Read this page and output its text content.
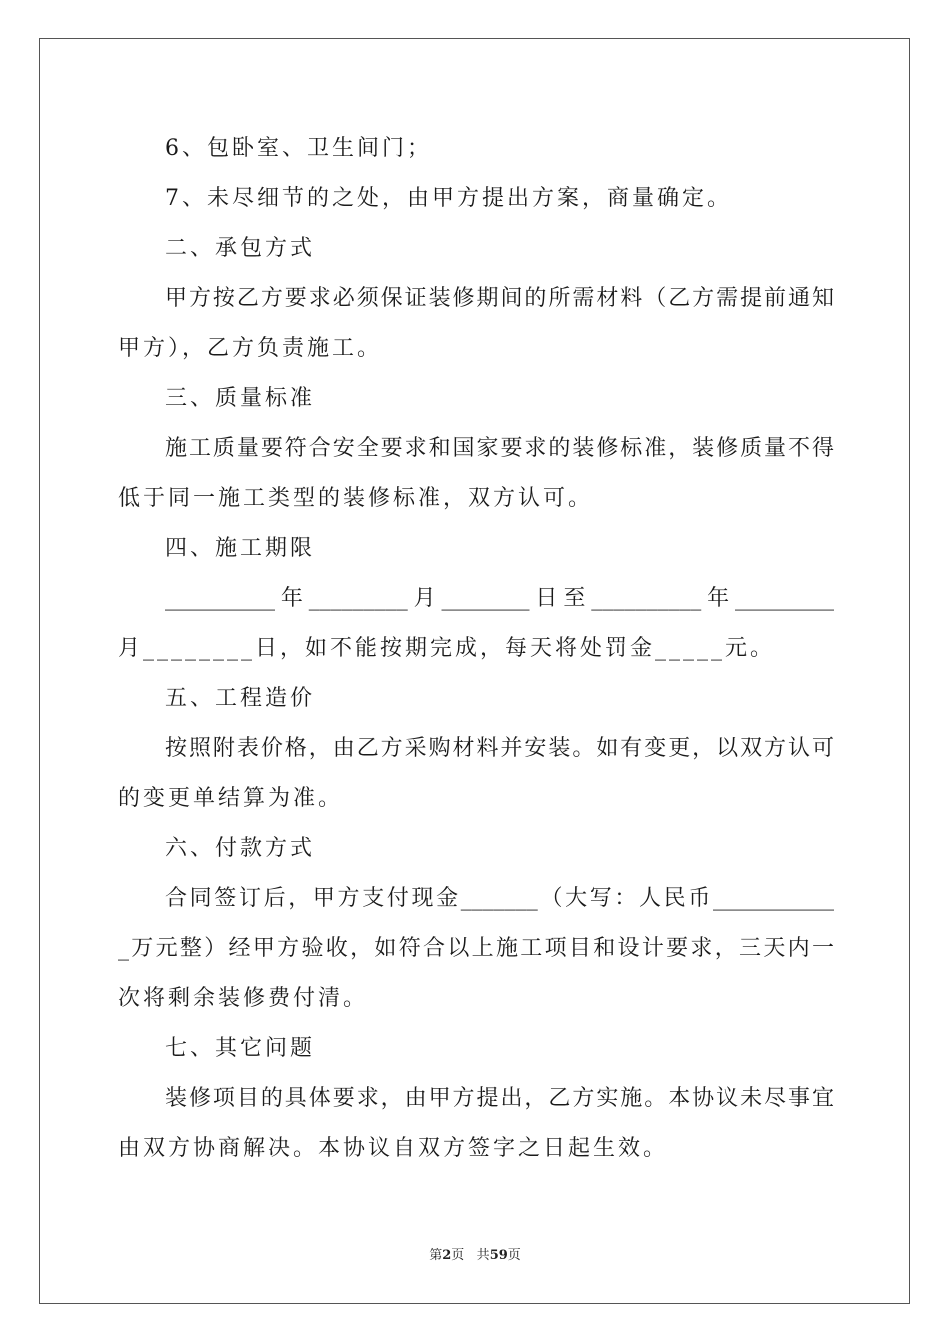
6、包卧室、卫生间门；
7、未尽细节的之处，由甲方提出方案，商量确定。
二、承包方式
甲方按乙方要求必须保证装修期间的所需材料（乙方需提前通知
甲方），乙方负责施工。
三、质量标准
施工质量要符合安全要求和国家要求的装修标准，装修质量不得
低于同一施工类型的装修标准，双方认可。
四、施工期限
__________年_________月________日至__________年_________
月________日，如不能按期完成，每天将处罚金_____元。
五、工程造价
按照附表价格，由乙方采购材料并安装。如有变更，以双方认可
的变更单结算为准。
六、付款方式
合同签订后，甲方支付现金_______（大写：人民币___________
_万元整）经甲方验收，如符合以上施工项目和设计要求，三天内一
次将剩余装修费付清。
七、其它问题
装修项目的具体要求，由甲方提出，乙方实施。本协议未尽事宜
由双方协商解决。本协议自双方签字之日起生效。
第2页 共59页
